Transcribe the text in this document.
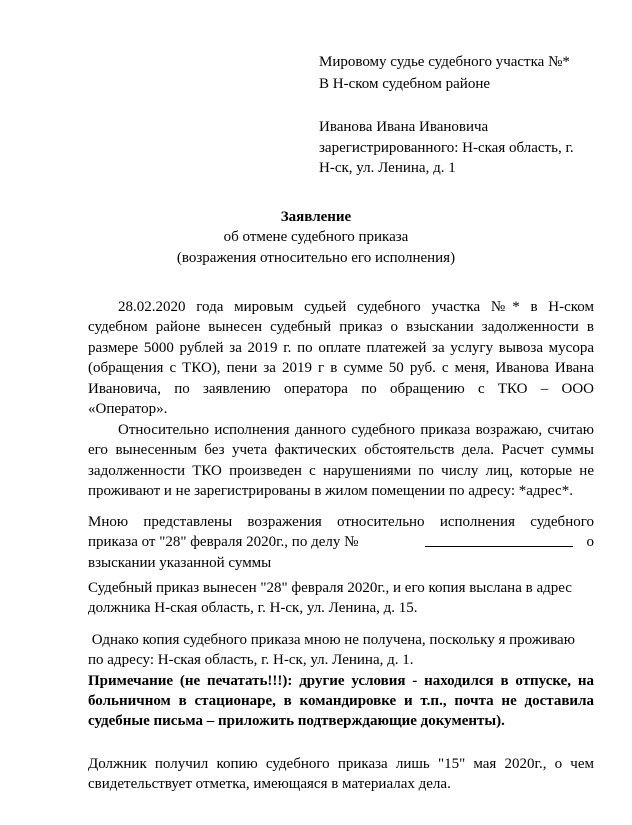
Мировому судье судебного участка №*
В Н-ском судебном районе
Иванова Ивана Ивановича
зарегистрированного: Н-ская область, г.
Н-ск, ул. Ленина, д. 1
Заявление
об отмене судебного приказа
(возражения относительно его исполнения)
28.02.2020 года мировым судьей судебного участка №* в Н-ском
судебном районе вынесен судебный приказ о взыскании задолженности в
размере 5000 рублей за 2019 г. по оплате платежей за услугу вывоза мусора
(обращения с ТКО), пени за 2019 г в сумме 50 руб. с меня, Иванова Ивана
Ивановича, по заявлению оператора по обращению с ТКО – ООО
«Оператор».
Относительно исполнения данного судебного приказа возражаю, считаю
его вынесенным без учета фактических обстоятельств дела. Расчет суммы
задолженности ТКО произведен с нарушениями по числу лиц, которые не
проживают и не зарегистрированы в жилом помещении по адресу: *адрес*.
Мною представлены возражения относительно исполнения судебного
приказа от "28" февраля 2020г., по делу №	о
взыскании указанной суммы
Судебный приказ вынесен "28" февраля 2020г., и его копия выслана в адрес
должника Н-ская область, г. Н-ск, ул. Ленина, д. 15.
Однако копия судебного приказа мною не получена, поскольку я проживаю
по адресу: Н-ская область, г. Н-ск, ул. Ленина, д. 1.
Примечание (не печатать!!!): другие условия - находился в отпуске, на
больничном в стационаре, в командировке и т.п., почта не доставила
судебные письма – приложить подтверждающие документы).
Должник получил копию судебного приказа лишь "15" мая 2020г., о чем
свидетельствует отметка, имеющаяся в материалах дела.
